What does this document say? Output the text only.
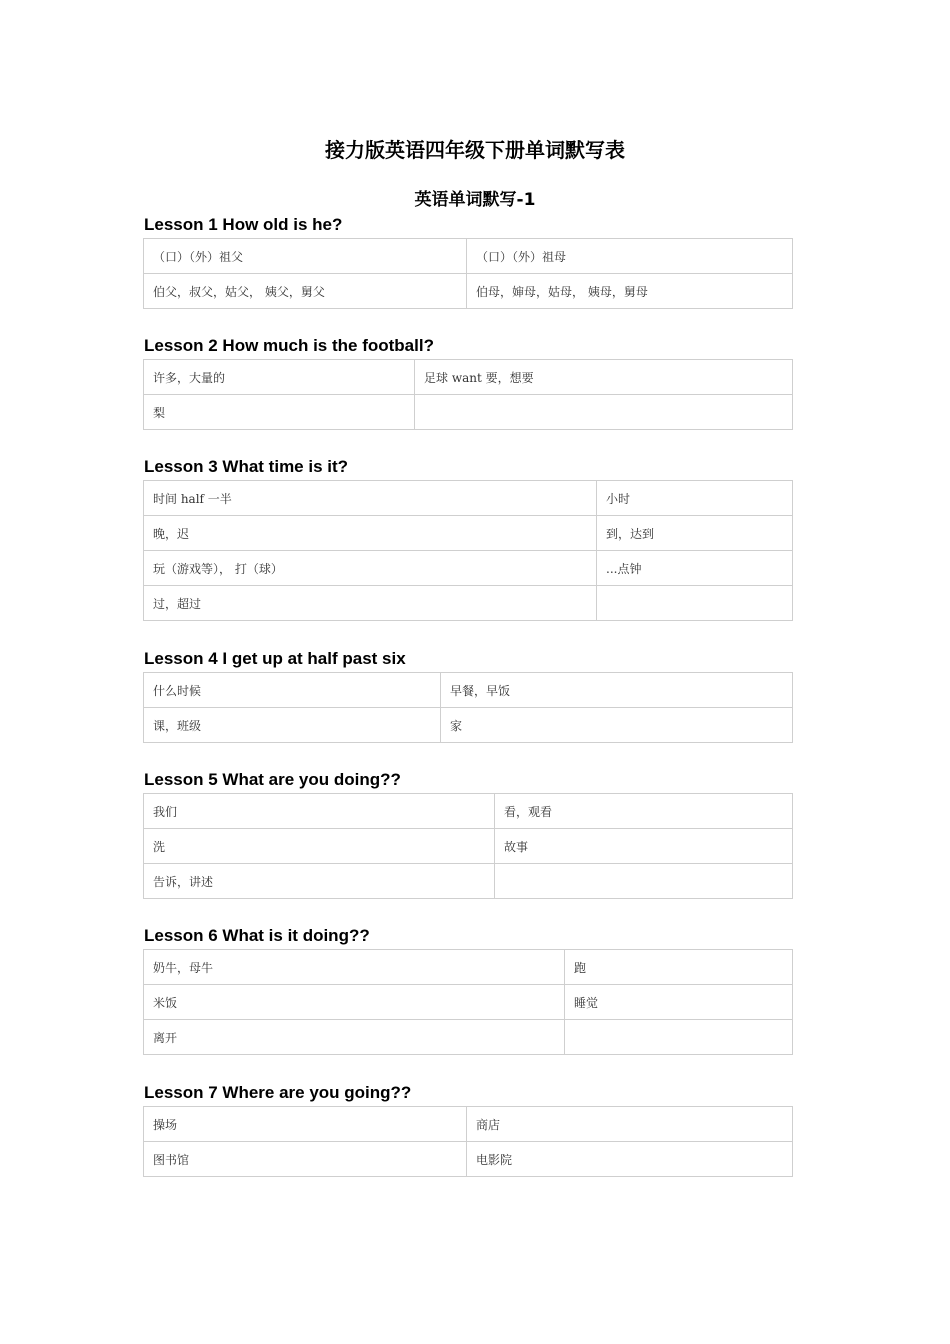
接力版英语四年级下册单词默写表
英语单词默写-1
Lesson 1 How old is he?
（口）（外）祖父	（口）（外）祖母
伯父，叔父，姑父， 姨父，舅父	伯母，婶母，姑母， 姨母，舅母
Lesson 2 How much is the football?
许多，大量的	足球 want 要，想要
梨	
Lesson 3 What time is it?
时间 half 一半	小时
晚，迟	到，达到
玩（游戏等）， 打（球）	...点钟
过，超过	
Lesson 4 I get up at half past six
什么时候	早餐，早饭
课，班级	家
Lesson 5 What are you doing??
我们	看，观看
洗	故事
告诉，讲述	
Lesson 6 What is it doing??
奶牛，母牛	跑
米饭	睡觉
离开	
Lesson 7 Where are you going??
操场	商店
图书馆	电影院
